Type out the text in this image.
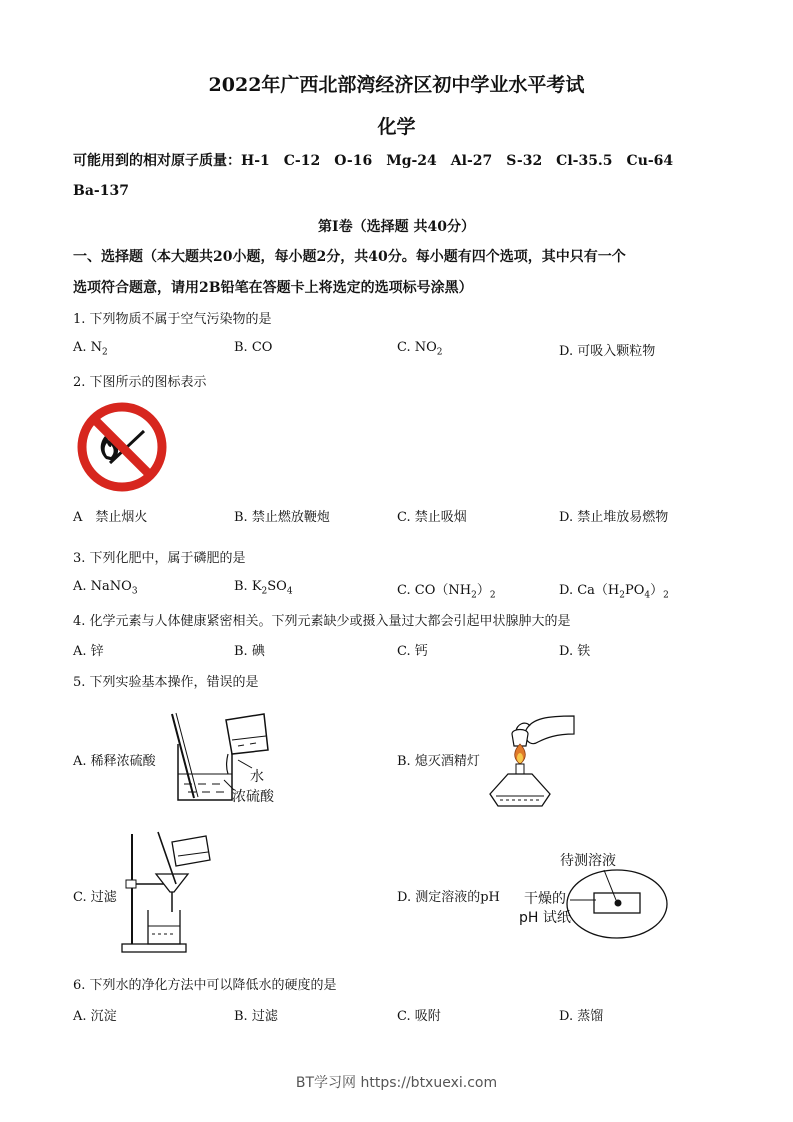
2022年广西北部湾经济区初中学业水平考试
化学
可能用到的相对原子质量：H-1　C-12　O-16　Mg-24　Al-27　S-32　Cl-35.5　Cu-64
Ba-137
第I卷（选择题 共40分）
一、选择题（本大题共20小题，每小题2分，共40分。每小题有四个选项，其中只有一个
选项符合题意，请用2B铅笔在答题卡上将选定的选项标号涂黑）
1. 下列物质不属于空气污染物的是
A. $N_2$	B. CO	C. $NO_2$	D. 可吸入颗粒物
2. 下图所示的图标表示
A　禁止烟火	B. 禁止燃放鞭炮	C. 禁止吸烟	D. 禁止堆放易燃物
3. 下列化肥中，属于磷肥的是
A. NaNO$_3$	B. $K_2SO_4$	C. $CO(NH_2)_2$	D. $Ca(H_2PO_4)_2$
4. 化学元素与人体健康紧密相关。下列元素缺少或摄入量过大都会引起甲状腺肿大的是
A. 锌	B. 碘	C. 钙	D. 铁
5. 下列实验基本操作，错误的是
水
浓硫酸
A. 稀释浓硫酸	B. 熄灭酒精灯
C. 过滤
待测溶液
干燥的
pH 试纸
D. 测定溶液的pH
6. 下列水的净化方法中可以降低水的硬度的是
A. 沉淀	B. 过滤	C. 吸附	D. 蒸馏
BT学习网 https://btxuexi.com
